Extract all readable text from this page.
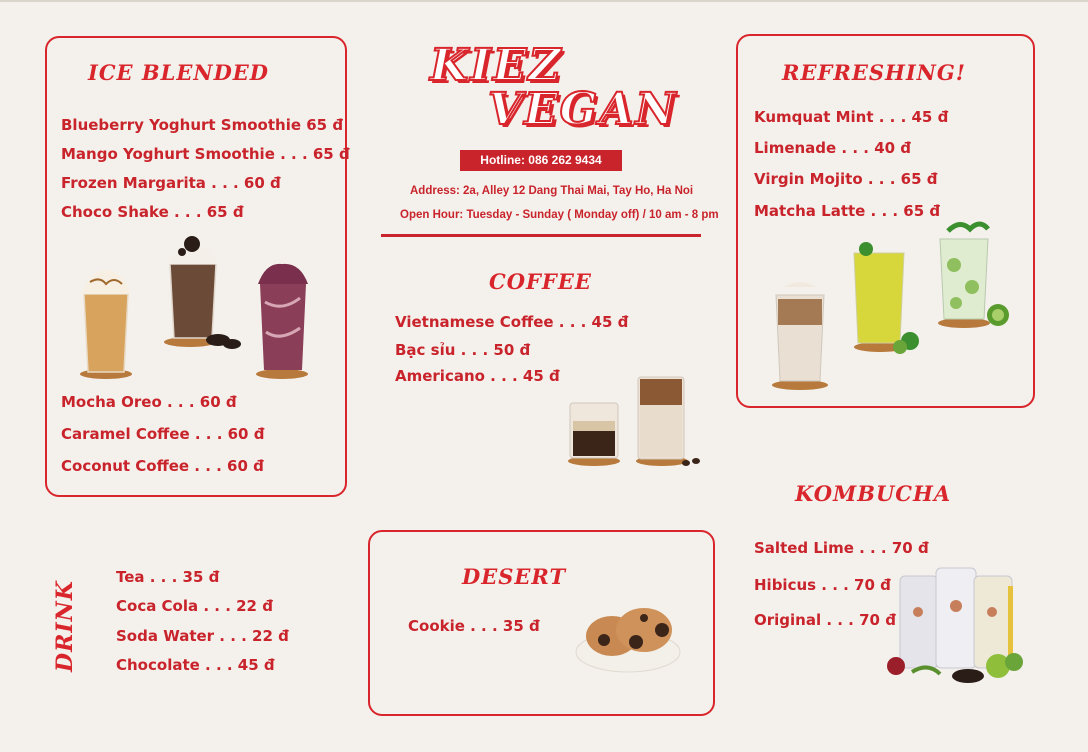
ICE BLENDED
Blueberry Yoghurt Smoothie 65 đ
Mango Yoghurt Smoothie . . . 65 đ
Frozen Margarita . . . 60 đ
Choco Shake . . . 65 đ
Mocha Oreo . . . 60 đ
Caramel Coffee . . . 60 đ
Coconut Coffee . . . 60 đ
KIEZ
VEGAN
Hotline: 086 262 9434
Address: 2a, Alley 12 Dang Thai Mai, Tay Ho, Ha Noi
Open Hour: Tuesday - Sunday ( Monday off) / 10 am - 8 pm
COFFEE
Vietnamese Coffee . . . 45 đ
Bạc sỉu . . . 50 đ
Americano . . . 45 đ
REFRESHING!
Kumquat Mint . . . 45 đ
Limenade . . . 40 đ
Virgin Mojito . . . 65 đ
Matcha Latte . . . 65 đ
DRINK
Tea . . . 35 đ
Coca Cola . . . 22 đ
Soda Water . . . 22 đ
Chocolate . . . 45 đ
DESERT
Cookie . . . 35 đ
KOMBUCHA
Salted Lime . . . 70 đ
Hibicus . . . 70 đ
Original . . . 70 đ
